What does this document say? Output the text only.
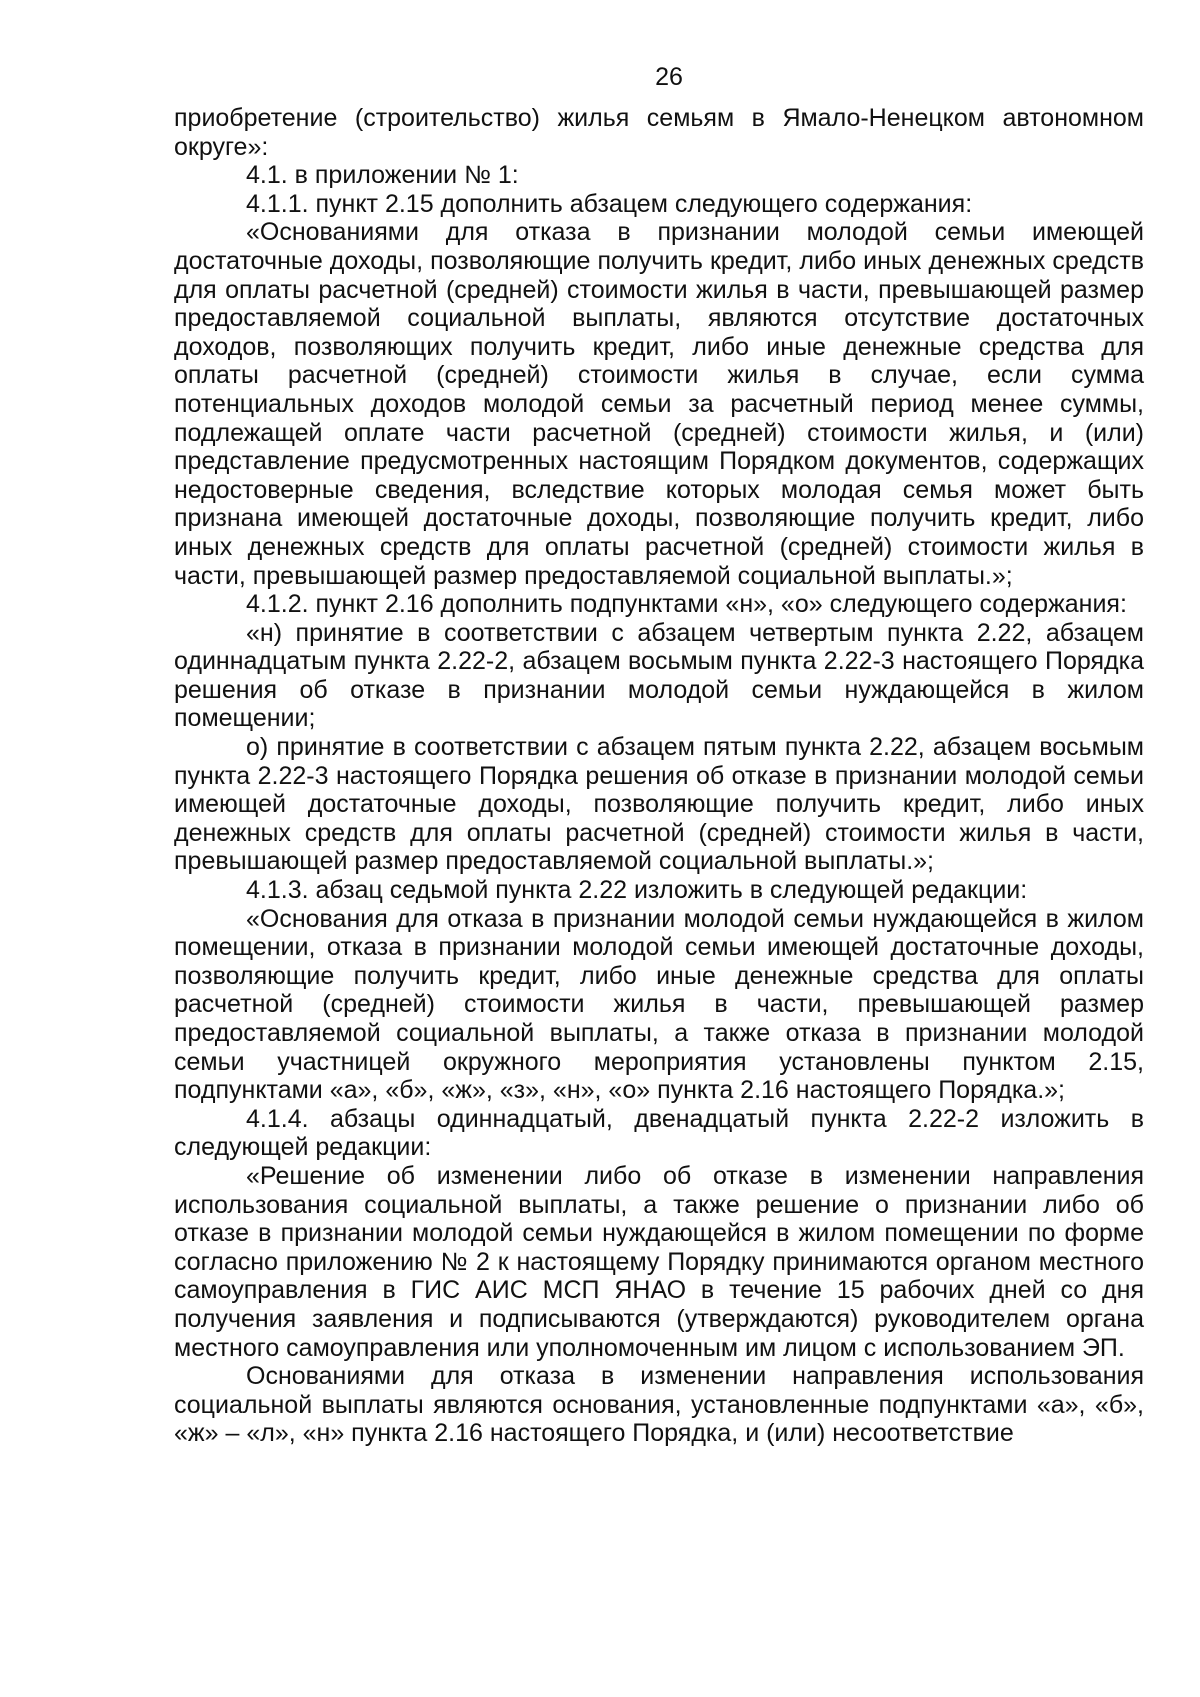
26

приобретение (строительство) жилья семьям в Ямало-Ненецком автономном округе»:

4.1. в приложении № 1:

4.1.1. пункт 2.15 дополнить абзацем следующего содержания:

«Основаниями для отказа в признании молодой семьи имеющей достаточные доходы, позволяющие получить кредит, либо иных денежных средств для оплаты расчетной (средней) стоимости жилья в части, превышающей размер предоставляемой социальной выплаты, являются отсутствие достаточных доходов, позволяющих получить кредит, либо иные денежные средства для оплаты расчетной (средней) стоимости жилья в случае, если сумма потенциальных доходов молодой семьи за расчетный период менее суммы, подлежащей оплате части расчетной (средней) стоимости жилья, и (или) представление предусмотренных настоящим Порядком документов, содержащих недостоверные сведения, вследствие которых молодая семья может быть признана имеющей достаточные доходы, позволяющие получить кредит, либо иных денежных средств для оплаты расчетной (средней) стоимости жилья в части, превышающей размер предоставляемой социальной выплаты.»;

4.1.2. пункт 2.16 дополнить подпунктами «н», «о» следующего содержания:

«н) принятие в соответствии с абзацем четвертым пункта 2.22, абзацем одиннадцатым пункта 2.22-2, абзацем восьмым пункта 2.22-3 настоящего Порядка решения об отказе в признании молодой семьи нуждающейся в жилом помещении;

о) принятие в соответствии с абзацем пятым пункта 2.22, абзацем восьмым пункта 2.22-3 настоящего Порядка решения об отказе в признании молодой семьи имеющей достаточные доходы, позволяющие получить кредит, либо иных денежных средств для оплаты расчетной (средней) стоимости жилья в части, превышающей размер предоставляемой социальной выплаты.»;

4.1.3. абзац седьмой пункта 2.22 изложить в следующей редакции:

«Основания для отказа в признании молодой семьи нуждающейся в жилом помещении, отказа в признании молодой семьи имеющей достаточные доходы, позволяющие получить кредит, либо иные денежные средства для оплаты расчетной (средней) стоимости жилья в части, превышающей размер предоставляемой социальной выплаты, а также отказа в признании молодой семьи участницей окружного мероприятия установлены пунктом 2.15, подпунктами «а», «б», «ж», «з», «н», «о» пункта 2.16 настоящего Порядка.»;

4.1.4. абзацы одиннадцатый, двенадцатый пункта 2.22-2 изложить в следующей редакции:

«Решение об изменении либо об отказе в изменении направления использования социальной выплаты, а также решение о признании либо об отказе в признании молодой семьи нуждающейся в жилом помещении по форме согласно приложению № 2 к настоящему Порядку принимаются органом местного самоуправления в ГИС АИС МСП ЯНАО в течение 15 рабочих дней со дня получения заявления и подписываются (утверждаются) руководителем органа местного самоуправления или уполномоченным им лицом с использованием ЭП.

Основаниями для отказа в изменении направления использования социальной выплаты являются основания, установленные подпунктами «а», «б», «ж» – «л», «н» пункта 2.16 настоящего Порядка, и (или) несоответствие
